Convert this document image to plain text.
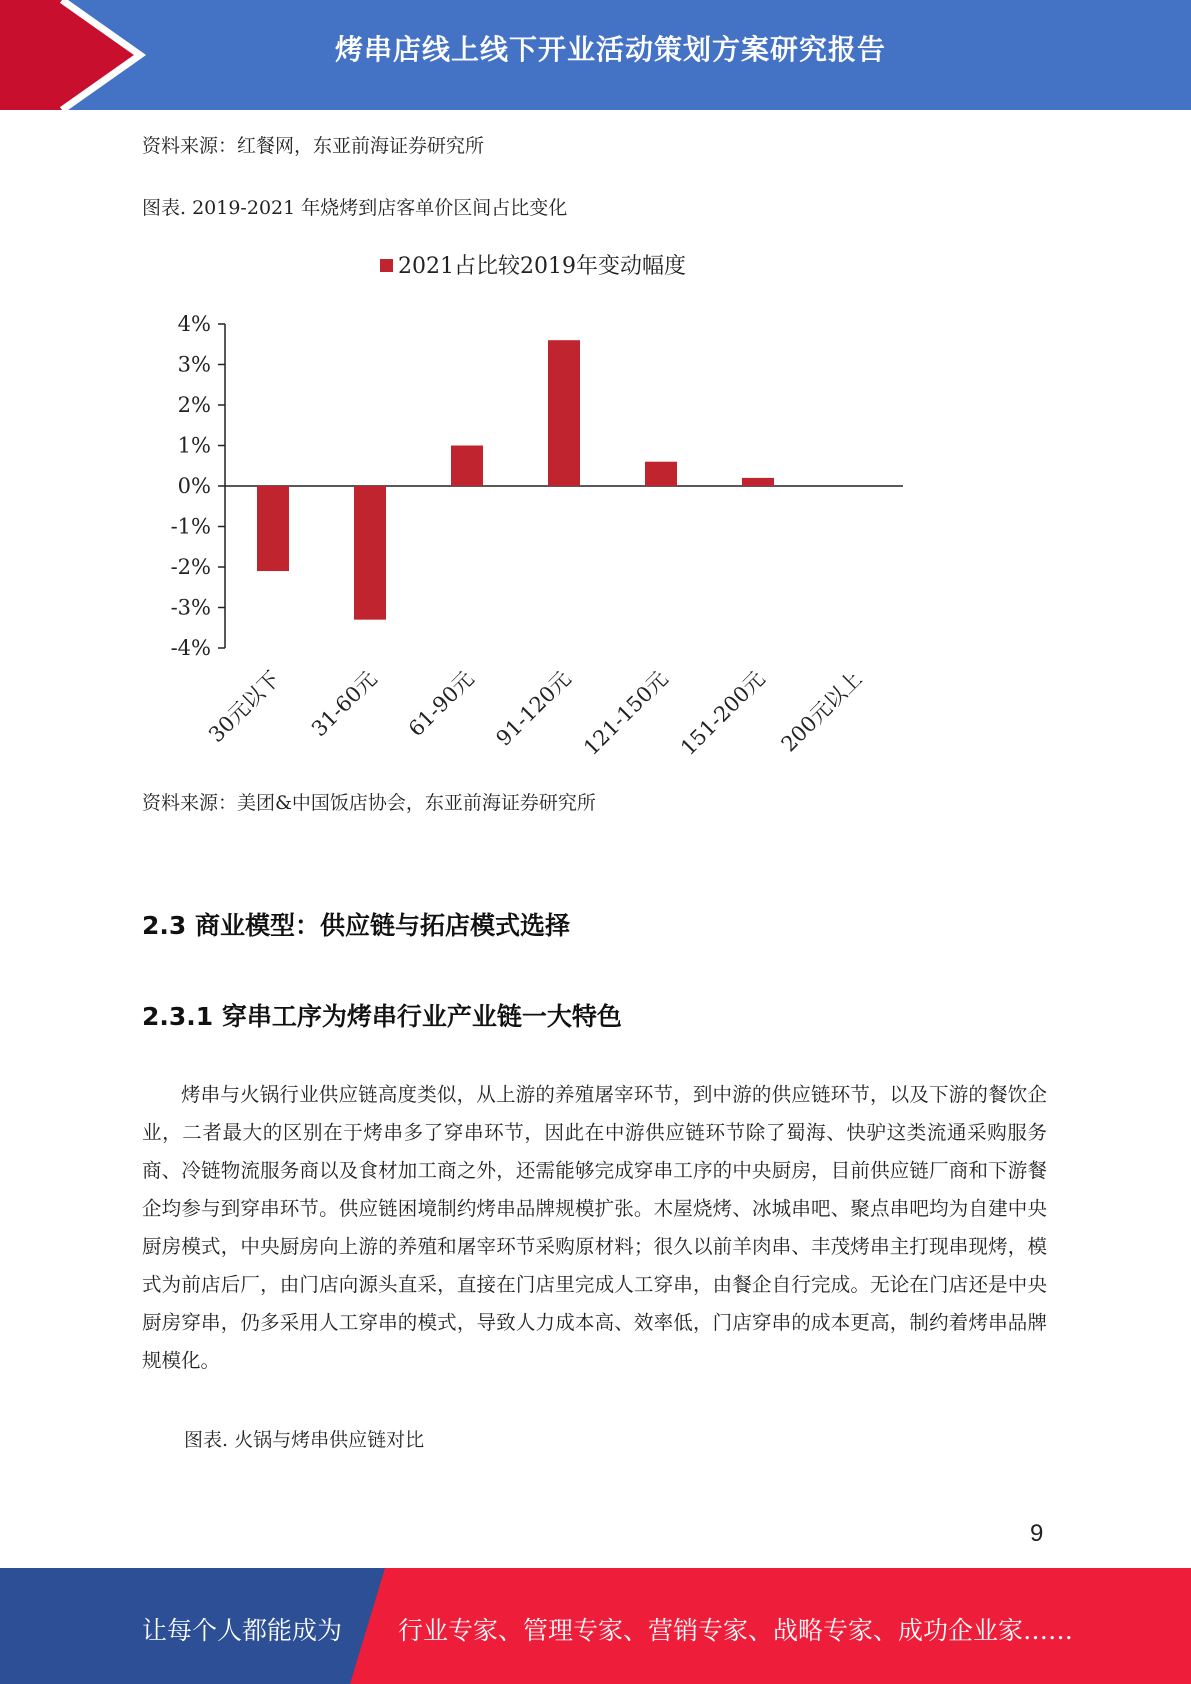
烤串店线上线下开业活动策划方案研究报告
资料来源：红餐网，东亚前海证券研究所
图表. 2019-2021 年烧烤到店客单价区间占比变化
2021占比较2019年变动幅度
4%
3%
2%
1%
0%
-1%
-2%
-3%
-4%
30元以下 31-60元 61-90元 91-120元 121-150元 151-200元 200元以上
资料来源：美团&中国饭店协会，东亚前海证券研究所
2.3 商业模型：供应链与拓店模式选择
2.3.1 穿串工序为烤串行业产业链一大特色

烤串与火锅行业供应链高度类似，从上游的养殖屠宰环节，到中游的供应链环节，以及下游的餐饮企业，二者最大的区别在于烤串多了穿串环节，因此在中游供应链环节除了蜀海、快驴这类流通采购服务商、冷链物流服务商以及食材加工商之外，还需能够完成穿串工序的中央厨房，目前供应链厂商和下游餐企均参与到穿串环节。供应链困境制约烤串品牌规模扩张。木屋烧烤、冰城串吧、聚点串吧均为自建中央厨房模式，中央厨房向上游的养殖和屠宰环节采购原材料；很久以前羊肉串、丰茂烤串主打现串现烤，模式为前店后厂，由门店向源头直采，直接在门店里完成人工穿串，由餐企自行完成。无论在门店还是中央厨房穿串，仍多采用人工穿串的模式，导致人力成本高、效率低，门店穿串的成本更高，制约着烤串品牌规模化。

图表. 火锅与烤串供应链对比
9
让每个人都能成为 行业专家、管理专家、营销专家、战略专家、成功企业家……
